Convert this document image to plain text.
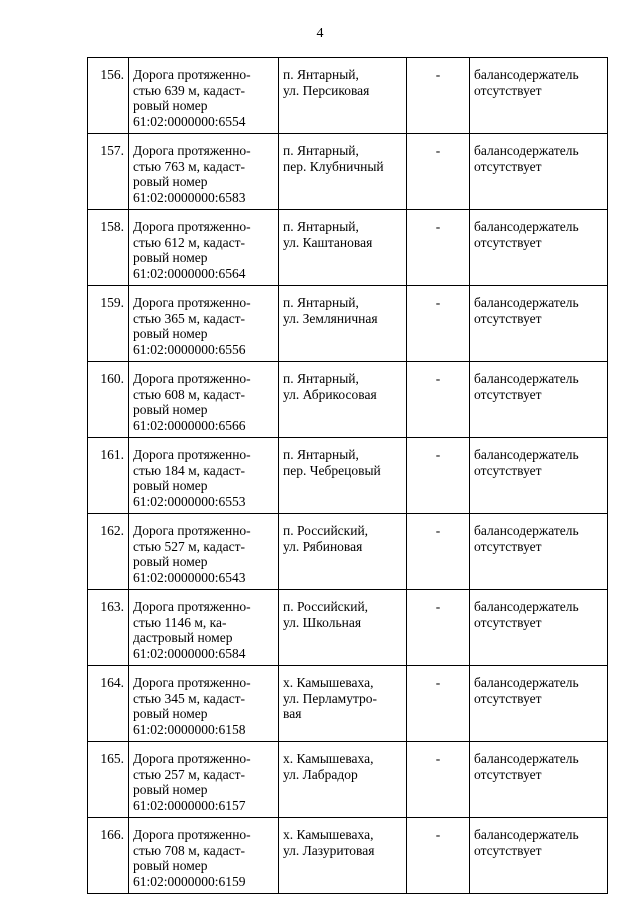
4
156.	Дорога протяженно-
стью 639 м, кадаст-
ровый номер
61:02:0000000:6554	п. Янтарный,
ул. Персиковая	-	балансодержатель
отсутствует
157.	Дорога протяженно-
стью 763 м, кадаст-
ровый номер
61:02:0000000:6583	п. Янтарный,
пер. Клубничный	-	балансодержатель
отсутствует
158.	Дорога протяженно-
стью 612 м, кадаст-
ровый номер
61:02:0000000:6564	п. Янтарный,
ул. Каштановая	-	балансодержатель
отсутствует
159.	Дорога протяженно-
стью 365 м, кадаст-
ровый номер
61:02:0000000:6556	п. Янтарный,
ул. Земляничная	-	балансодержатель
отсутствует
160.	Дорога протяженно-
стью 608 м, кадаст-
ровый номер
61:02:0000000:6566	п. Янтарный,
ул. Абрикосовая	-	балансодержатель
отсутствует
161.	Дорога протяженно-
стью 184 м, кадаст-
ровый номер
61:02:0000000:6553	п. Янтарный,
пер. Чебрецовый	-	балансодержатель
отсутствует
162.	Дорога протяженно-
стью 527 м, кадаст-
ровый номер
61:02:0000000:6543	п. Российский,
ул. Рябиновая	-	балансодержатель
отсутствует
163.	Дорога протяженно-
стью 1146 м, ка-
дастровый номер
61:02:0000000:6584	п. Российский,
ул. Школьная	-	балансодержатель
отсутствует
164.	Дорога протяженно-
стью 345 м, кадаст-
ровый номер
61:02:0000000:6158	х. Камышеваха,
ул. Перламутро-
вая	-	балансодержатель
отсутствует
165.	Дорога протяженно-
стью 257 м, кадаст-
ровый номер
61:02:0000000:6157	х. Камышеваха,
ул. Лабрадор	-	балансодержатель
отсутствует
166.	Дорога протяженно-
стью 708 м, кадаст-
ровый номер
61:02:0000000:6159	х. Камышеваха,
ул. Лазуритовая	-	балансодержатель
отсутствует
